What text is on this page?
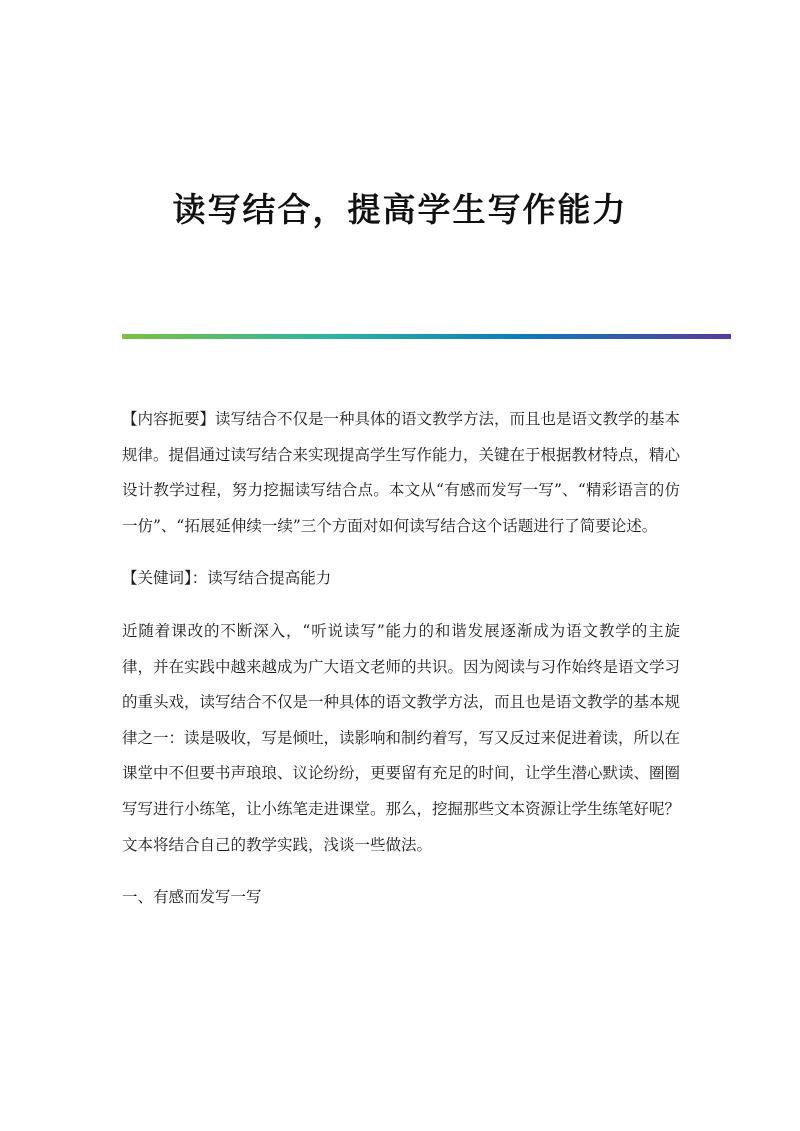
读写结合，提高学生写作能力

【内容扼要】读写结合不仅是一种具体的语文教学方法，而且也是语文教学的基本规律。提倡通过读写结合来实现提高学生写作能力，关键在于根据教材特点，精心设计教学过程，努力挖掘读写结合点。本文从“有感而发写一写”、“精彩语言的仿一仿”、“拓展延伸续一续”三个方面对如何读写结合这个话题进行了简要论述。

【关健词】：读写结合提高能力

近随着课改的不断深入，“听说读写”能力的和谐发展逐渐成为语文教学的主旋律，并在实践中越来越成为广大语文老师的共识。因为阅读与习作始终是语文学习的重头戏，读写结合不仅是一种具体的语文教学方法，而且也是语文教学的基本规律之一：读是吸收，写是倾吐，读影响和制约着写，写又反过来促进着读，所以在课堂中不但要书声琅琅、议论纷纷，更要留有充足的时间，让学生潜心默读、圈圈写写进行小练笔，让小练笔走进课堂。那么，挖掘那些文本资源让学生练笔好呢？文本将结合自己的教学实践，浅谈一些做法。

一、有感而发写一写
